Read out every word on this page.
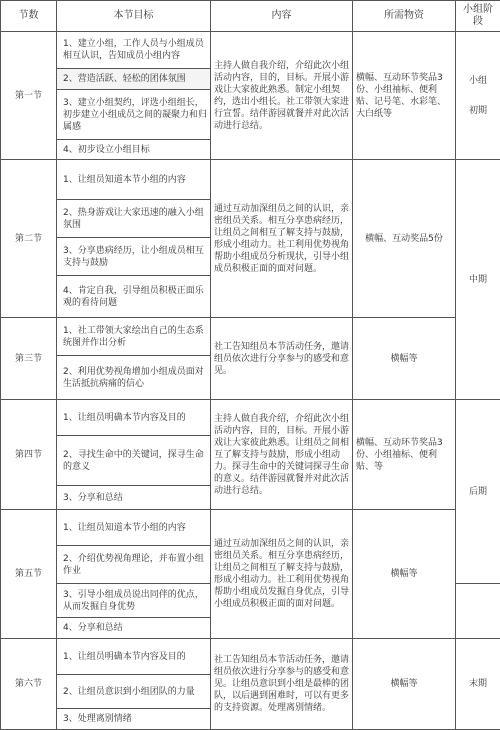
节数	本节目标	内容	所需物资	小组阶段
第一节	1、建立小组，工作人员与小组成员相互认识，告知成员小组内容	主持人做自我介绍，介绍此次小组活动内容，目的，目标。开展小游戏让大家彼此熟悉。制定小组契约，选出小组长。社工带领大家进行宣誓。结伴游园就餐并对此次活动进行总结。	横幅、互动环节奖品3份、小组袖标、便利贴、记号笔、水彩笔、大白纸等	小组
初期

	2、营造活跃、轻松的团体氛围			
	3、建立小组契约，评选小组组长，初步建立小组成员之间的凝聚力和归属感			
	4、初步设立小组目标			
第二节	1、让组员知道本节小组的内容	通过互动加深组员之间的认识，亲密组员关系。相互分享患病经历，让组员之间相互了解支持与鼓励，形成小组动力。社工利用优势视角帮助小组成员分析现状，引导小组成员积极正面的面对问题。	横幅、互动奖品5份	中期
	2、热身游戏让大家迅速的融入小组氛围			
	3、分享患病经历，让小组成员相互支持与鼓励			
	4、肯定自我，引导组员积极正面乐观的看待问题			
第三节	1、社工带领大家绘出自己的生态系统图并作出分析	社工告知组员本节活动任务，邀请组员依次进行分享参与的感受和意见。	横幅等	
	2、利用优势视角增加小组成员面对生活抵抗病痛的信心			
第四节	1、让组员明确本节内容及目的	主持人做自我介绍，介绍此次小组活动内容，目的，目标。开展小游戏让大家彼此熟悉。让组员之间相互了解支持与鼓励，形成小组动力。探寻生命中的关键词探寻生命的意义。结伴游园就餐并对此次活动进行总结。	横幅、互动环节奖品3份、小组袖标、便利贴、等	后期
	2、寻找生命中的关键词，探寻生命的意义			
	3、分享和总结			
第五节	1、让组员知道本节小组的内容	通过互动加深组员之间的认识，亲密组员关系。相互分享患病经历，让组员之间相互了解支持与鼓励，形成小组动力。社工利用优势视角帮助小组成员发掘自身优点，引导小组成员积极正面的面对问题。	横幅等	
	2、介绍优势视角理论，并布置小组作业			
	3、引导小组成员说出同伴的优点，从而发掘自身优势			
	4、分享和总结			
第六节	1、让组员明确本节内容及目的	社工告知组员本节活动任务，邀请组员依次进行分享参与的感受和意见。让组员意识到小组是最棒的团队，以后遇到困难时，可以有更多的支持资源。处理离别情绪。	横幅等	末期
	2、让组员意识到小组团队的力量			
	3、处理离别情绪			
